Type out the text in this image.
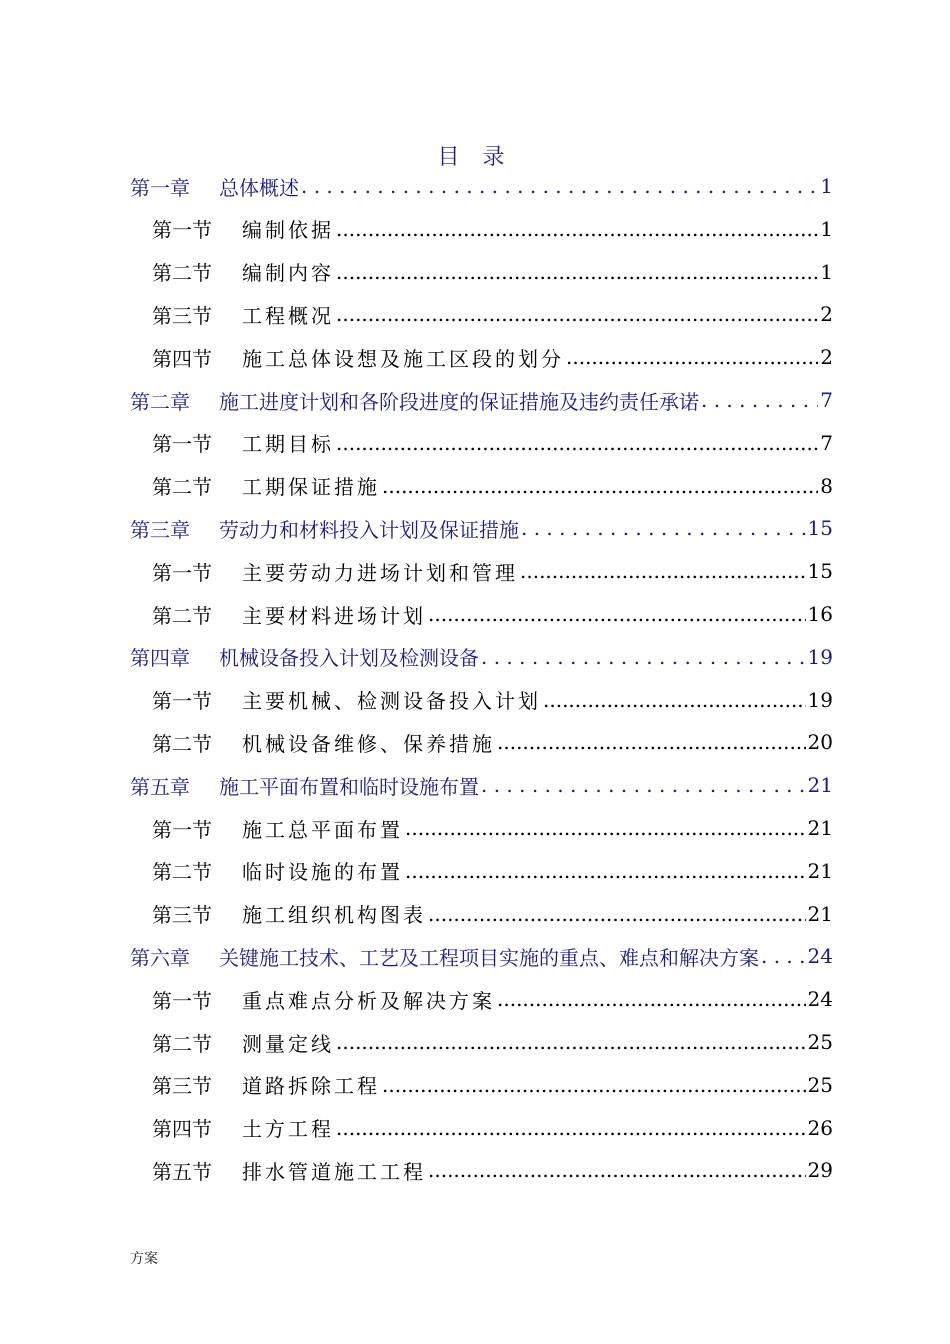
目 录
第一章	总体概述 . . .	1
第一节	编制依据 .....	1
第二节	编制内容 .....	1
第三节	工程概况 .....	2
第四节	施工总体设想及施工区段的划分 .....	2
第二章	施工进度计划和各阶段进度的保证措施及违约责任承诺 . . .	7
第一节	工期目标 .....	7
第二节	工期保证措施 .....	8
第三章	劳动力和材料投入计划及保证措施 . . .	15
第一节	主要劳动力进场计划和管理 .....	15
第二节	主要材料进场计划 .....	16
第四章	机械设备投入计划及检测设备 . . .	19
第一节	主要机械、检测设备投入计划 .....	19
第二节	机械设备维修、保养措施 .....	20
第五章	施工平面布置和临时设施布置 . . .	21
第一节	施工总平面布置 .....	21
第二节	临时设施的布置 .....	21
第三节	施工组织机构图表 .....	21
第六章	关键施工技术、工艺及工程项目实施的重点、难点和解决方案 . . . 24
第一节	重点难点分析及解决方案 .....	24
第二节	测量定线 .....	25
第三节	道路拆除工程 .....	25
第四节	土方工程 .....	26
第五节	排水管道施工工程 .....	29
方案
